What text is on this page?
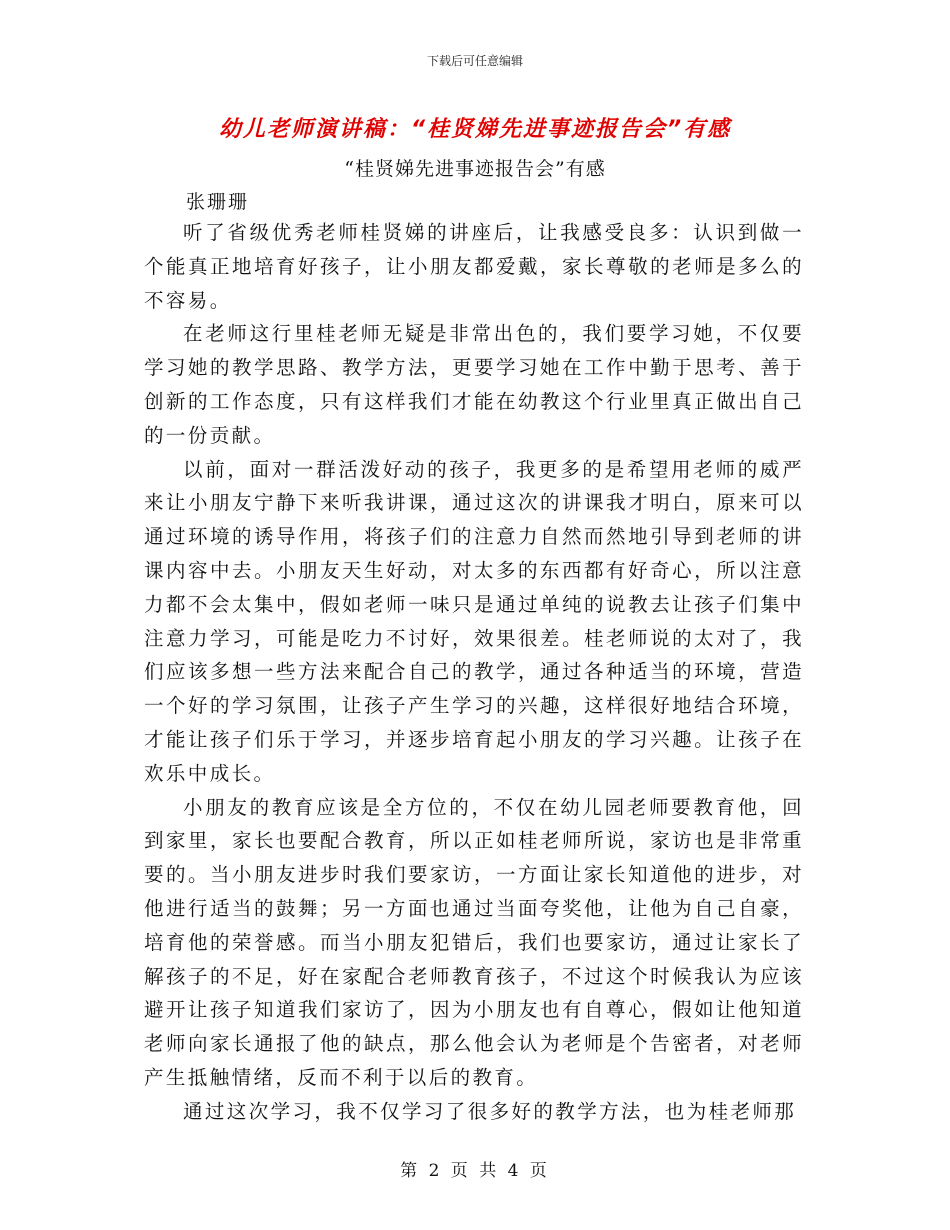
下载后可任意编辑
幼儿老师演讲稿：“桂贤娣先进事迹报告会”有感
“桂贤娣先进事迹报告会”有感
张珊珊

听了省级优秀老师桂贤娣的讲座后，让我感受良多：认识到做一个能真正地培育好孩子，让小朋友都爱戴，家长尊敬的老师是多么的不容易。

在老师这行里桂老师无疑是非常出色的，我们要学习她，不仅要学习她的教学思路、教学方法，更要学习她在工作中勤于思考、善于创新的工作态度，只有这样我们才能在幼教这个行业里真正做出自己的一份贡献。

以前，面对一群活泼好动的孩子，我更多的是希望用老师的威严来让小朋友宁静下来听我讲课，通过这次的讲课我才明白，原来可以通过环境的诱导作用，将孩子们的注意力自然而然地引导到老师的讲课内容中去。小朋友天生好动，对太多的东西都有好奇心，所以注意力都不会太集中，假如老师一味只是通过单纯的说教去让孩子们集中注意力学习，可能是吃力不讨好，效果很差。桂老师说的太对了，我们应该多想一些方法来配合自己的教学，通过各种适当的环境，营造一个好的学习氛围，让孩子产生学习的兴趣，这样很好地结合环境，才能让孩子们乐于学习，并逐步培育起小朋友的学习兴趣。让孩子在欢乐中成长。

小朋友的教育应该是全方位的，不仅在幼儿园老师要教育他，回到家里，家长也要配合教育，所以正如桂老师所说，家访也是非常重要的。当小朋友进步时我们要家访，一方面让家长知道他的进步，对他进行适当的鼓舞；另一方面也通过当面夸奖他，让他为自己自豪，培育他的荣誉感。而当小朋友犯错后，我们也要家访，通过让家长了解孩子的不足，好在家配合老师教育孩子，不过这个时候我认为应该避开让孩子知道我们家访了，因为小朋友也有自尊心，假如让他知道老师向家长通报了他的缺点，那么他会认为老师是个告密者，对老师产生抵触情绪，反而不利于以后的教育。

通过这次学习，我不仅学习了很多好的教学方法，也为桂老师那

第 2 页 共 4 页
